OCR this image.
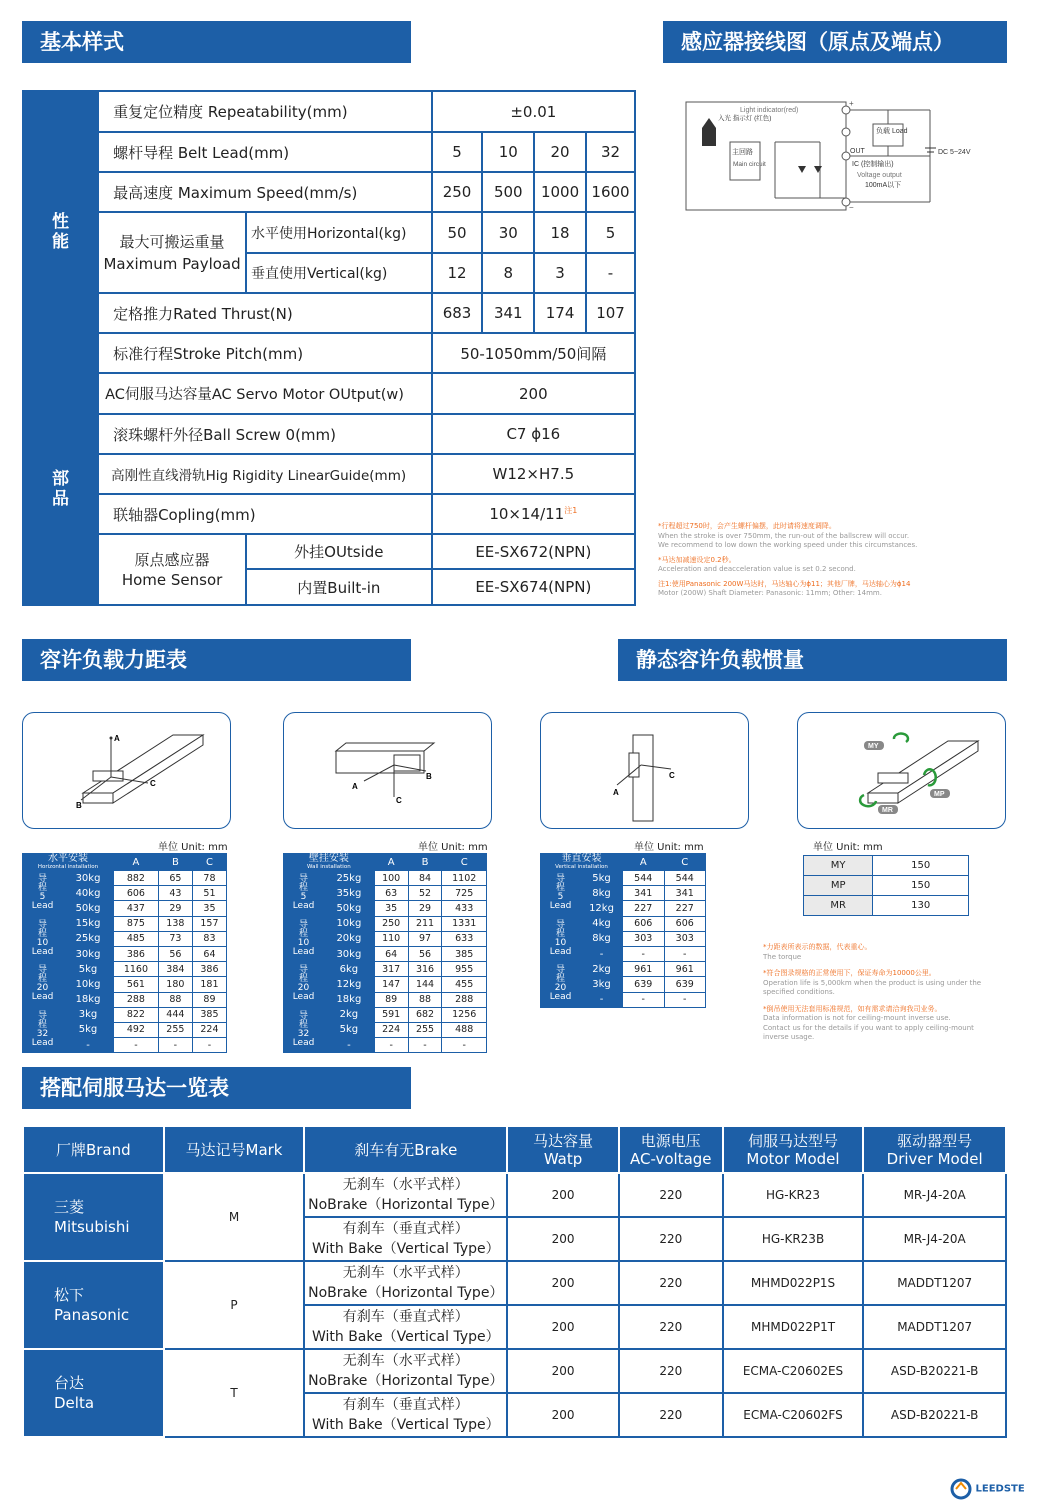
基本样式	感应器接线图（原点及端点）
容许负载力距表	静态容许负载惯量
搭配伺服马达一览表
性
能	重复定位精度 Repeatability(mm)		±0.01			
	螺杆导程 Belt Lead(mm)		5	10	20	32
	最高速度 Maximum Speed(mm/s)		250	500	1000	1600
	最大可搬运重量
Maximum Payload	水平使用Horizontal(kg)	50	30	18	5
		垂直使用Vertical(kg)	12	8	3	-
	定格推力Rated Thrust(N)		683	341	174	107
	标准行程Stroke Pitch(mm)		50-1050mm/50间隔			
部
品	AC伺服马达容量AC Servo Motor OUtput(w)		200			
	滚珠螺杆外径Ball Screw 0(mm)		C7 ϕ16			
	高刚性直线滑轨Hig Rigidity LinearGuide(mm)		W12×H7.5			
	联轴器Copling(mm)		$10\times 14/11^{注1}$
	原点感应器
Home Sensor	外挂OUtside	EE-SX672(NPN)			
		内置Built-in	EE-SX674(NPN)			
+
−
主回路
Main circuit
入光 指示灯 (红色)
Light indicator(red)
负载 Load
OUT
IC (控制输出)
Voltage output
100mA以下
DC 5~24V
*行程超过750时，会产生螺杆偏摆，此时请将速度调降。
When the stroke is over 750mm, the run-out of the ballscrew will occur.
We recommend to low down the working speed under this circumstances.
*马达加减速设定0.2秒。
Acceleration and deacceleration value is set 0.2 second.
注1:使用Panasonic 200W马达时，马达轴心为ϕ11；其他厂牌，马达轴心为ϕ14
Motor (200W) Shaft Diameter: Panasonic: 11mm; Other: 14mm.
A
C
B
A
B
C
C
A
MY
MP
MR
单位 Unit: mm	单位 Unit: mm	单位 Unit: mm	单位 Unit: mm
水平安装
Horizontal installation		A	B	C
导
程
5
Lead	30kg	882	65	78
	40kg	606	43	51
	50kg	437	29	35
导
程
10
Lead	15kg	875	138	157
	25kg	485	73	83
	30kg	386	56	64
导
程
20
Lead	5kg	1160	384	386
	10kg	561	180	181
	18kg	288	88	89
导
程
32
Lead	3kg	822	444	385
	5kg	492	255	224
	-	-	-	-
壁挂安装
Wall installation		A	B	C
导
程
5
Lead	25kg	100	84	1102
	35kg	63	52	725
	50kg	35	29	433
导
程
10
Lead	10kg	250	211	1331
	20kg	110	97	633
	30kg	64	56	385
导
程
20
Lead	6kg	317	316	955
	12kg	147	144	455
	18kg	89	88	288
导
程
32
Lead	2kg	591	682	1256
	5kg	224	255	488
	-	-	-	-
垂直安装
Vertical installation		A	C
导
程
5
Lead	5kg	544	544
	8kg	341	341
	12kg	227	227
导
程
10
Lead	4kg	606	606
	8kg	303	303
	-	-	-
导
程
20
Lead	2kg	961	961
	3kg	639	639
	-	-	-
MY	150
MP	150
MR	130
*力距表所表示的数据，代表重心。
The torque
*符合图录规格的正常使用下，保证寿命为10000公里。
Operation life is 5,000km when the product is using under the
specified conditions.
*倒吊使用无法套用标准规范，如有需求请洽询我司业务。
Data information is not for ceiling-mount inverse use.
Contact us for the details if you want to apply ceiling-mount
inverse usage.
厂牌Brand	马达记号Mark	刹车有无Brake	马达容量
Watp	电源电压
AC-voltage	伺服马达型号
Motor Model	驱动器型号
Driver Model
三菱
Mitsubishi	M	无刹车（水平式样）
NoBrake（Horizontal Type）	200	220	HG-KR23	MR-J4-20A
		有刹车（垂直式样）
With Bake（Vertical Type）	200	220	HG-KR23B	MR-J4-20A
松下
Panasonic	P	无刹车（水平式样）
NoBrake（Horizontal Type）	200	220	MHMD022P1S	MADDT1207
		有刹车（垂直式样）
With Bake（Vertical Type）	200	220	MHMD022P1T	MADDT1207
台达
Delta	T	无刹车（水平式样）
NoBrake（Horizontal Type）	200	220	ECMA-C20602ES	ASD-B20221-B
		有刹车（垂直式样）
With Bake（Vertical Type）	200	220	ECMA-C20602FS	ASD-B20221-B
LEEDSTE
